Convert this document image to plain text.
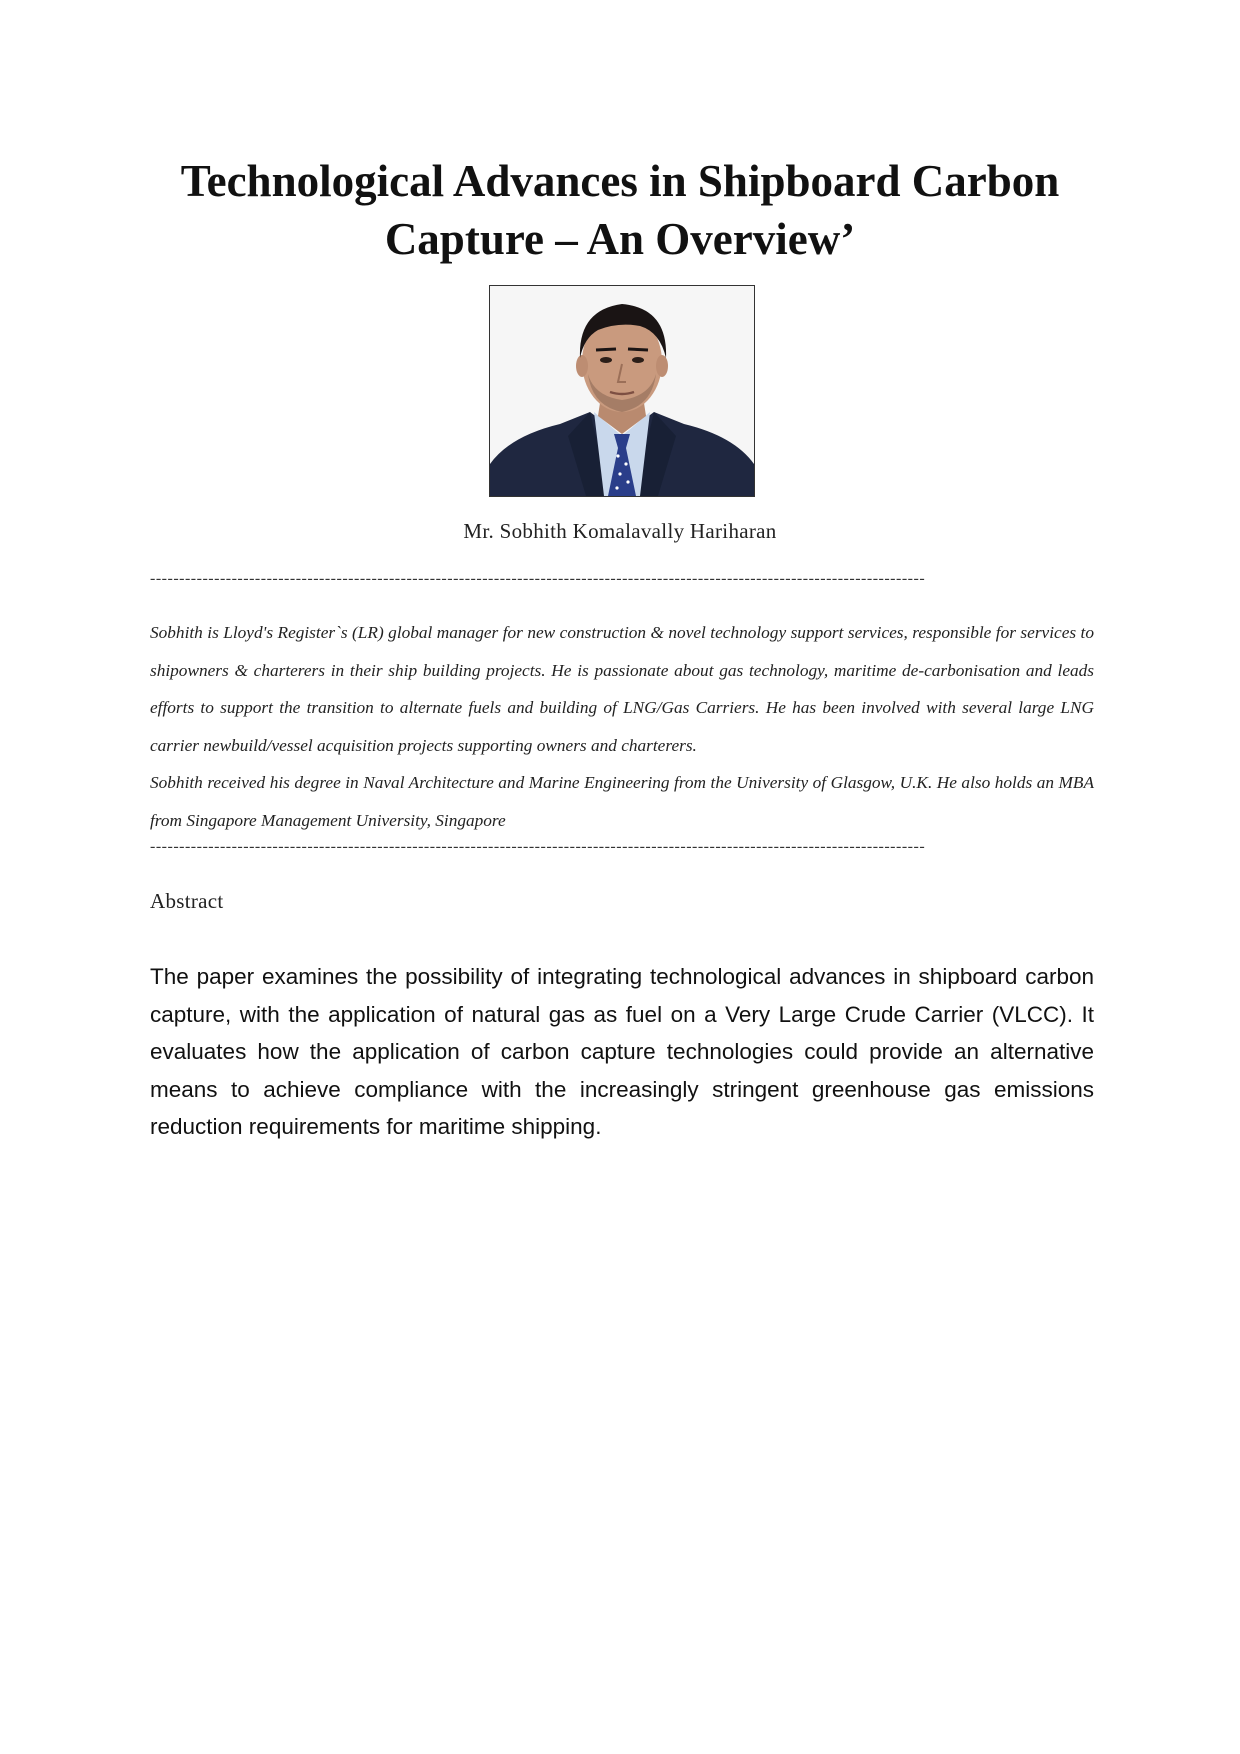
Technological Advances in Shipboard Carbon
Capture – An Overview’
Mr. Sobhith Komalavally Hariharan
-------------------------------------------------------------------------------------------------------------------------------------

Sobhith is Lloyd's Register`s (LR) global manager for new construction & novel technology support services, responsible for services to shipowners & charterers in their ship building projects. He is passionate about gas technology, maritime de-carbonisation and leads efforts to support the transition to alternate fuels and building of LNG/Gas Carriers. He has been involved with several large LNG carrier newbuild/vessel acquisition projects supporting owners and charterers.

Sobhith received his degree in Naval Architecture and Marine Engineering from the University of Glasgow, U.K. He also holds an MBA from Singapore Management University, Singapore

-------------------------------------------------------------------------------------------------------------------------------------
Abstract

The paper examines the possibility of integrating technological advances in shipboard carbon capture, with the application of natural gas as fuel on a Very Large Crude Carrier (VLCC). It evaluates how the application of carbon capture technologies could provide an alternative means to achieve compliance with the increasingly stringent greenhouse gas emissions reduction requirements for maritime shipping.
